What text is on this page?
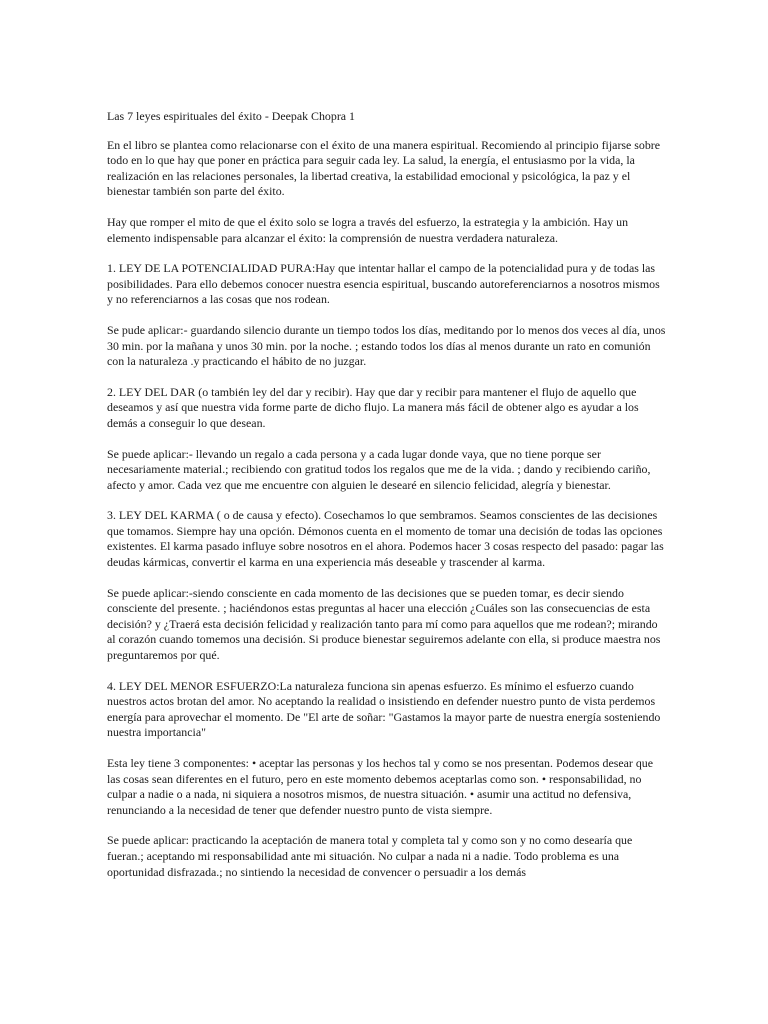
Las 7 leyes espirituales del éxito - Deepak Chopra 1

En el libro se plantea como relacionarse con el éxito de una manera espiritual. Recomiendo al principio fijarse sobre todo en lo que hay que poner en práctica para seguir cada ley. La salud, la energía, el entusiasmo por la vida, la realización en las relaciones personales, la libertad creativa, la estabilidad emocional y psicológica, la paz y el bienestar también son parte del éxito.

Hay que romper el mito de que el éxito solo se logra a través del esfuerzo, la estrategia y la ambición. Hay un elemento indispensable para alcanzar el éxito: la comprensión de nuestra verdadera naturaleza.

1. LEY DE LA POTENCIALIDAD PURA:Hay que intentar hallar el campo de la potencialidad pura y de todas las posibilidades. Para ello debemos conocer nuestra esencia espiritual, buscando autoreferenciarnos a nosotros mismos y no referenciarnos a las cosas que nos rodean.

Se pude aplicar:- guardando silencio durante un tiempo todos los días, meditando por lo menos dos veces al día, unos 30 min. por la mañana y unos 30 min. por la noche. ; estando todos los días al menos durante un rato en comunión con la naturaleza .y practicando el hábito de no juzgar.

2. LEY DEL DAR (o también ley del dar y recibir). Hay que dar y recibir para mantener el flujo de aquello que deseamos y así que nuestra vida forme parte de dicho flujo. La manera más fácil de obtener algo es ayudar a los demás a conseguir lo que desean.

Se puede aplicar:- llevando un regalo a cada persona y a cada lugar donde vaya, que no tiene porque ser necesariamente material.; recibiendo con gratitud todos los regalos que me de la vida. ; dando y recibiendo cariño, afecto y amor. Cada vez que me encuentre con alguien le desearé en silencio felicidad, alegría y bienestar.

3. LEY DEL KARMA ( o de causa y efecto). Cosechamos lo que sembramos. Seamos conscientes de las decisiones que tomamos. Siempre hay una opción. Démonos cuenta en el momento de tomar una decisión de todas las opciones existentes. El karma pasado influye sobre nosotros en el ahora. Podemos hacer 3 cosas respecto del pasado: pagar las deudas kármicas, convertir el karma en una experiencia más deseable y trascender al karma.

Se puede aplicar:-siendo consciente en cada momento de las decisiones que se pueden tomar, es decir siendo consciente del presente. ; haciéndonos estas preguntas al hacer una elección ¿Cuáles son las consecuencias de esta decisión? y ¿Traerá esta decisión felicidad y realización tanto para mí como para aquellos que me rodean?; mirando al corazón cuando tomemos una decisión. Si produce bienestar seguiremos adelante con ella, si produce maestra nos preguntaremos por qué.

4. LEY DEL MENOR ESFUERZO:La naturaleza funciona sin apenas esfuerzo. Es mínimo el esfuerzo cuando nuestros actos brotan del amor. No aceptando la realidad o insistiendo en defender nuestro punto de vista perdemos energía para aprovechar el momento. De "El arte de soñar: "Gastamos la mayor parte de nuestra energía sosteniendo nuestra importancia"

Esta ley tiene 3 componentes: • aceptar las personas y los hechos tal y como se nos presentan. Podemos desear que las cosas sean diferentes en el futuro, pero en este momento debemos aceptarlas como son. • responsabilidad, no culpar a nadie o a nada, ni siquiera a nosotros mismos, de nuestra situación. • asumir una actitud no defensiva, renunciando a la necesidad de tener que defender nuestro punto de vista siempre.

Se puede aplicar: practicando la aceptación de manera total y completa tal y como son y no como desearía que fueran.; aceptando mi responsabilidad ante mi situación. No culpar a nada ni a nadie. Todo problema es una oportunidad disfrazada.; no sintiendo la necesidad de convencer o persuadir a los demás
